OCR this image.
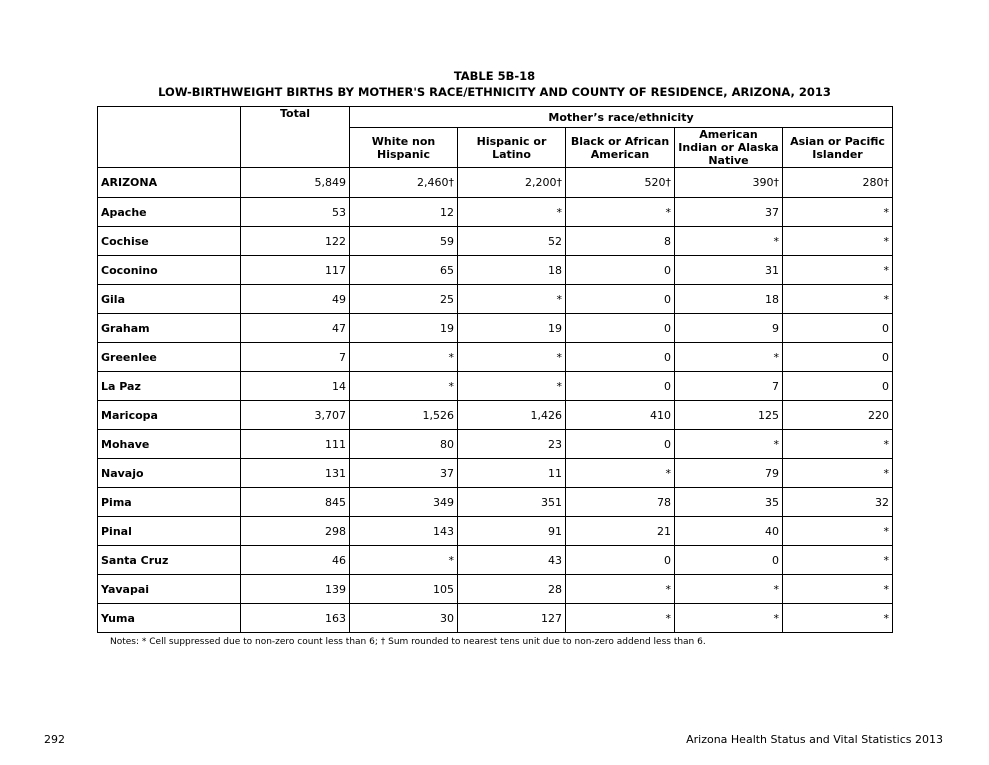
TABLE 5B-18
LOW-BIRTHWEIGHT BIRTHS BY MOTHER'S RACE/ETHNICITY AND COUNTY OF RESIDENCE, ARIZONA, 2013
	Total	Mother’s race/ethnicity				
		White non Hispanic	Hispanic or Latino	Black or African American	American Indian or Alaska Native	Asian or Pacific Islander
ARIZONA	5,849	2,460†	2,200†	520†	390†	280†
Apache	53	12	*	*	37	*
Cochise	122	59	52	8	*	*
Coconino	117	65	18	0	31	*
Gila	49	25	*	0	18	*
Graham	47	19	19	0	9	0
Greenlee	7	*	*	0	*	0
La Paz	14	*	*	0	7	0
Maricopa	3,707	1,526	1,426	410	125	220
Mohave	111	80	23	0	*	*
Navajo	131	37	11	*	79	*
Pima	845	349	351	78	35	32
Pinal	298	143	91	21	40	*
Santa Cruz	46	*	43	0	0	*
Yavapai	139	105	28	*	*	*
Yuma	163	30	127	*	*	*
Notes: * Cell suppressed due to non-zero count less than 6; † Sum rounded to nearest tens unit due to non-zero addend less than 6.
292	Arizona Health Status and Vital Statistics 2013
